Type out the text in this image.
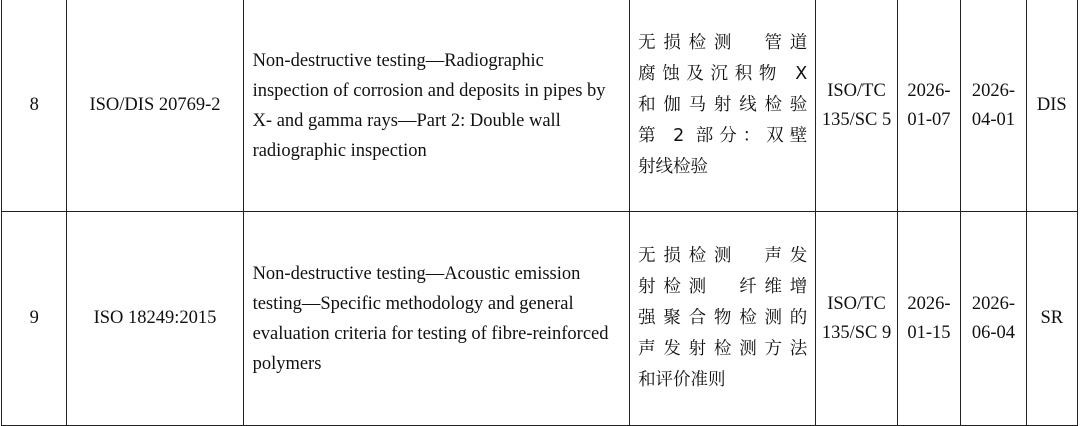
8	ISO/DIS 20769-2	Non-destructive testing—Radiographic inspection of corrosion and deposits in pipes by X- and gamma rays—Part 2: Double wall radiographic inspection	无损检测　管道
腐蚀及沉积物 X
和伽马射线检验
第 2 部分：双壁
射线检验	ISO/TC 135/SC 5	2026-01-07	2026-04-01	DIS
9	ISO 18249:2015	Non-destructive testing—Acoustic emission testing—Specific methodology and general evaluation criteria for testing of fibre-reinforced polymers	无损检测　声发
射检测　纤维增
强聚合物检测的
声发射检测方法
和评价准则	ISO/TC 135/SC 9	2026-01-15	2026-06-04	SR
